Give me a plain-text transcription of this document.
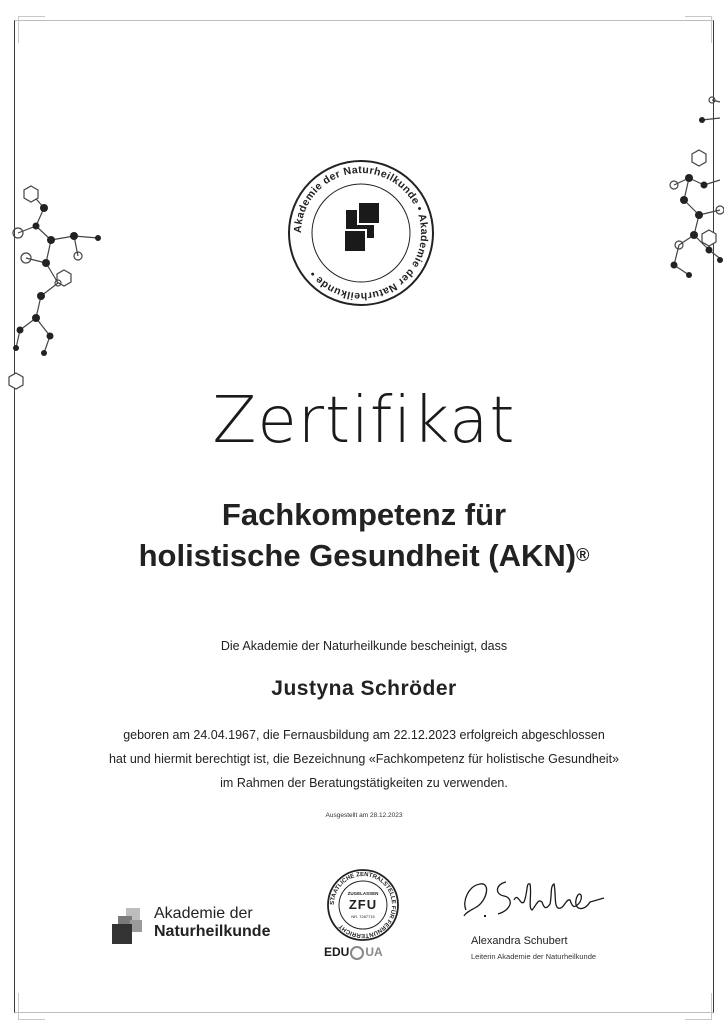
Akademie der Naturheilkunde • Akademie der Naturheilkunde •
Zertifikat
Fachkompetenz für
holistische Gesundheit (AKN)®
Die Akademie der Naturheilkunde bescheinigt, dass
Justyna Schröder
geboren am 24.04.1967, die Fernausbildung am 22.12.2023 erfolgreich abgeschlossen
hat und hiermit berechtigt ist, die Bezeichnung «Fachkompetenz für holistische Gesundheit»
im Rahmen der Beratungstätigkeiten zu verwenden.
Ausgestellt am 28.12.2023
Akademie der
Naturheilkunde
STAATLICHE ZENTRALSTELLE FÜR FERNUNTERRICHT
ZUGELASSEN
ZFU
NR. 7287715
EDU UA
Alexandra Schubert
Leiterin Akademie der Naturheilkunde
